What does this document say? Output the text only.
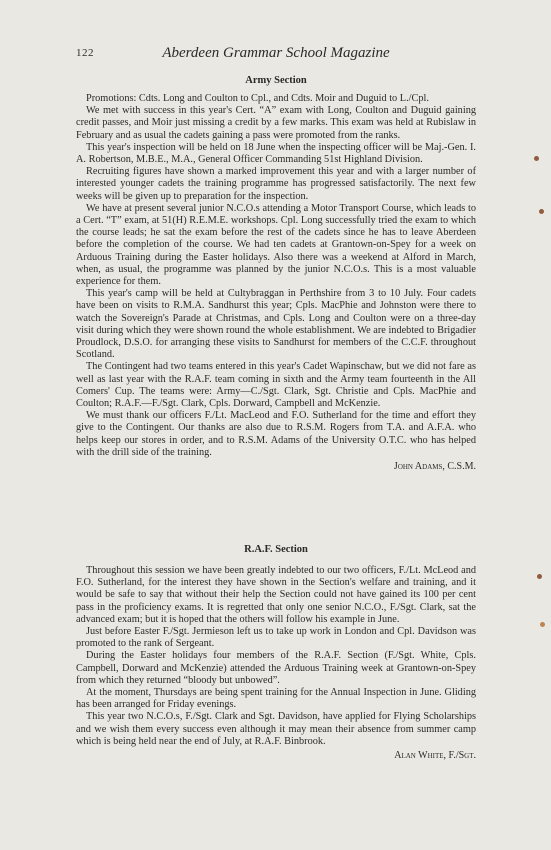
122	Aberdeen Grammar School Magazine
Army Section

Promotions: Cdts. Long and Coulton to Cpl., and Cdts. Moir and Duguid to L./Cpl.

We met with success in this year's Cert. “A” exam with Long, Coulton and Duguid gaining credit passes, and Moir just missing a credit by a few marks. This exam was held at Rubislaw in February and as usual the cadets gaining a pass were promoted from the ranks.

This year's inspection will be held on 18 June when the inspecting officer will be Maj.-Gen. I. A. Robertson, M.B.E., M.A., General Officer Commanding 51st Highland Division.

Recruiting figures have shown a marked improvement this year and with a larger number of interested younger cadets the training programme has progressed satisfactorily. The next few weeks will be given up to preparation for the inspection.

We have at present several junior N.C.O.s attending a Motor Transport Course, which leads to a Cert. “T” exam, at 51(H) R.E.M.E. workshops. Cpl. Long successfully tried the exam to which the course leads; he sat the exam before the rest of the cadets since he has to leave Aberdeen before the completion of the course. We had ten cadets at Grantown-on-Spey for a week on Arduous Training during the Easter holidays. Also there was a weekend at Alford in March, when, as usual, the programme was planned by the junior N.C.O.s. This is a most valuable experience for them.

This year's camp will be held at Cultybraggan in Perthshire from 3 to 10 July. Four cadets have been on visits to R.M.A. Sandhurst this year; Cpls. MacPhie and Johnston were there to watch the Sovereign's Parade at Christmas, and Cpls. Long and Coulton were on a three-day visit during which they were shown round the whole establishment. We are indebted to Brigadier Proudlock, D.S.O. for arranging these visits to Sandhurst for members of the C.C.F. throughout Scotland.

The Contingent had two teams entered in this year's Cadet Wapinschaw, but we did not fare as well as last year with the R.A.F. team coming in sixth and the Army team fourteenth in the All Comers' Cup. The teams were: Army—C./Sgt. Clark, Sgt. Christie and Cpls. MacPhie and Coulton; R.A.F.—F./Sgt. Clark, Cpls. Dorward, Campbell and McKenzie.

We must thank our officers F./Lt. MacLeod and F.O. Sutherland for the time and effort they give to the Contingent. Our thanks are also due to R.S.M. Rogers from T.A. and A.F.A. who helps keep our stores in order, and to R.S.M. Adams of the University O.T.C. who has helped with the drill side of the training.

John Adams, C.S.M.

R.A.F. Section

Throughout this session we have been greatly indebted to our two officers, F./Lt. McLeod and F.O. Sutherland, for the interest they have shown in the Section's welfare and training, and it would be safe to say that without their help the Section could not have gained its 100 per cent pass in the proficiency exams. It is regretted that only one senior N.C.O., F./Sgt. Clark, sat the advanced exam; but it is hoped that the others will follow his example in June.

Just before Easter F./Sgt. Jermieson left us to take up work in London and Cpl. Davidson was promoted to the rank of Sergeant.

During the Easter holidays four members of the R.A.F. Section (F./Sgt. White, Cpls. Campbell, Dorward and McKenzie) attended the Arduous Training week at Grantown-on-Spey from which they returned “bloody but unbowed”.

At the moment, Thursdays are being spent training for the Annual Inspection in June. Gliding has been arranged for Friday evenings.

This year two N.C.O.s, F./Sgt. Clark and Sgt. Davidson, have applied for Flying Scholarships and we wish them every success even although it may mean their absence from summer camp which is being held near the end of July, at R.A.F. Binbrook.

Alan White, F./Sgt.
